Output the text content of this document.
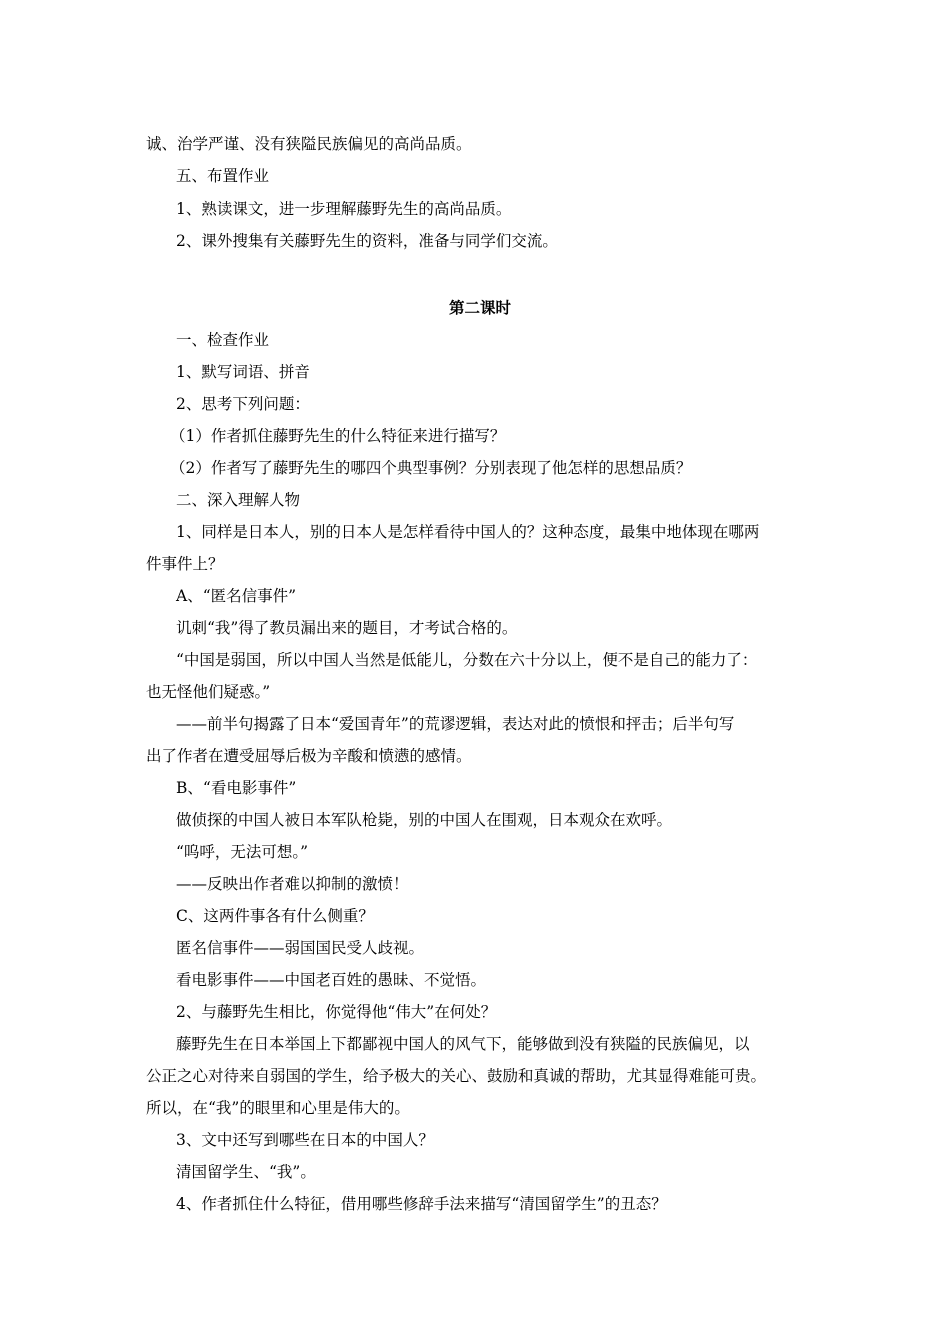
诚、治学严谨、没有狭隘民族偏见的高尚品质。
五、布置作业
1、熟读课文，进一步理解藤野先生的高尚品质。
2、课外搜集有关藤野先生的资料，准备与同学们交流。
第二课时
一、检查作业
1、默写词语、拼音
2、思考下列问题：
（1）作者抓住藤野先生的什么特征来进行描写？
（2）作者写了藤野先生的哪四个典型事例？分别表现了他怎样的思想品质？
二、深入理解人物
1、同样是日本人，别的日本人是怎样看待中国人的？这种态度，最集中地体现在哪两
件事件上？
A、“匿名信事件”
讥刺“我”得了教员漏出来的题目，才考试合格的。
“中国是弱国，所以中国人当然是低能儿，分数在六十分以上，便不是自己的能力了：
也无怪他们疑惑。”
——前半句揭露了日本“爱国青年”的荒谬逻辑，表达对此的愤恨和抨击；后半句写
出了作者在遭受屈辱后极为辛酸和愤懑的感情。
B、“看电影事件”
做侦探的中国人被日本军队枪毙，别的中国人在围观，日本观众在欢呼。
“呜呼，无法可想。”
——反映出作者难以抑制的激愤！
C、这两件事各有什么侧重？
匿名信事件——弱国国民受人歧视。
看电影事件——中国老百姓的愚昧、不觉悟。
2、与藤野先生相比，你觉得他“伟大”在何处？
藤野先生在日本举国上下都鄙视中国人的风气下，能够做到没有狭隘的民族偏见，以
公正之心对待来自弱国的学生，给予极大的关心、鼓励和真诚的帮助，尤其显得难能可贵。
所以，在“我”的眼里和心里是伟大的。
3、文中还写到哪些在日本的中国人？
清国留学生、“我”。
4、作者抓住什么特征，借用哪些修辞手法来描写“清国留学生”的丑态？
